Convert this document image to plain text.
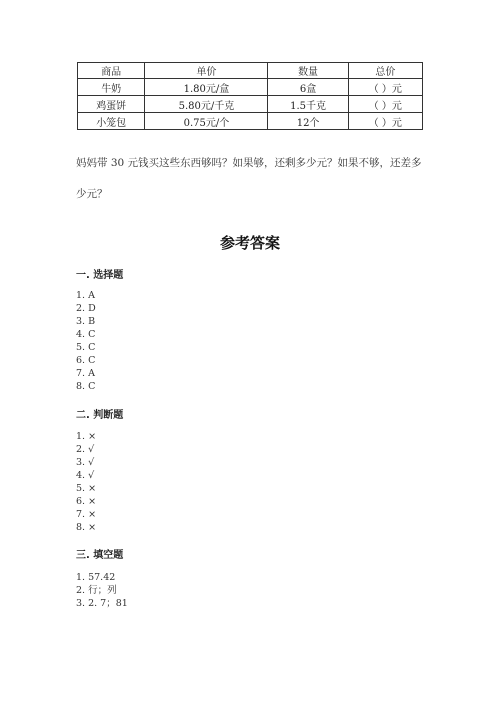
商品	单价	数量	总价
牛奶	1.80元/盒	6盒	（ ）元
鸡蛋饼	5.80元/千克	1.5千克	（ ）元
小笼包	0.75元/个	12个	（ ）元
妈妈带 30 元钱买这些东西够吗？如果够，还剩多少元？如果不够，还差多少元？
参考答案
一. 选择题
1. A
2. D
3. B
4. C
5. C
6. C
7. A
8. C
二. 判断题
1. ×
2. √
3. √
4. √
5. ×
6. ×
7. ×
8. ×
三. 填空题
1. 57.42
2. 行；列
3. 2. 7；81
